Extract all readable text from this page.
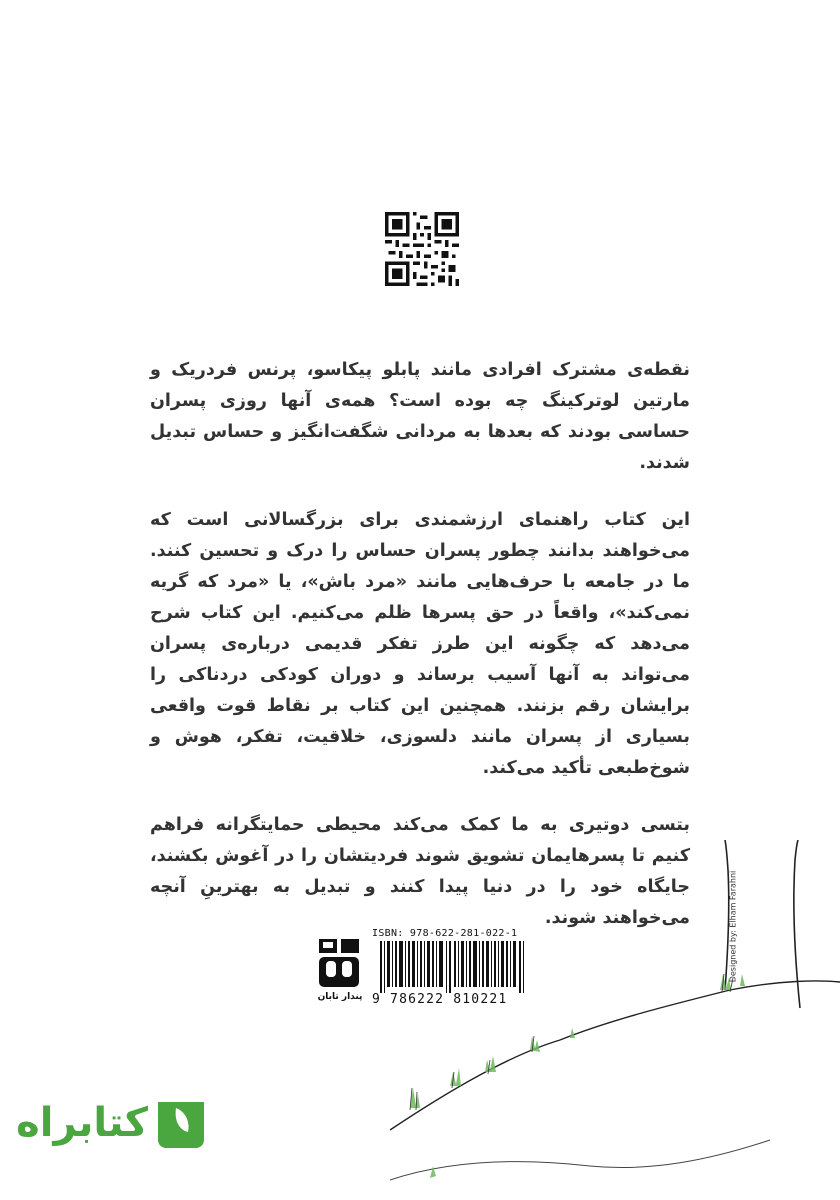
نقطه‌ی مشترک افرادی مانند پابلو پیکاسو، پرنس فردریک و مارتین لوترکینگ چه بوده است؟ همه‌ی آنها روزی پسران حساسی بودند که بعدها به مردانی شگفت‌انگیز و حساس تبدیل شدند.

این کتاب راهنمای ارزشمندی برای بزرگسالانی است که می‌خواهند بدانند چطور پسران حساس را درک و تحسین کنند. ما در جامعه با حرف‌هایی مانند «مرد باش»، یا «مرد که گریه نمی‌کند»، واقعاً در حق پسرها ظلم می‌کنیم. این کتاب شرح می‌دهد که چگونه این طرز تفکر قدیمی درباره‌ی پسران می‌تواند به آنها آسیب برساند و دوران کودکی دردناکی را برایشان رقم بزنند. همچنین این کتاب بر نقاط قوت واقعی بسیاری از پسران مانند دلسوزی، خلاقیت، تفکر، هوش و شوخ‌طبعی تأکید می‌کند.

بتسی دوتیری به ما کمک می‌کند محیطی حمایتگرانه فراهم کنیم تا پسرهایمان تشویق شوند فردیتشان را در آغوش بکشند، جایگاه خود را در دنیا پیدا کنند و تبدیل به بهترینِ آنچه می‌خواهند شوند.

پندار تابان
ISBN: 978-622-281-022-1
9 786222 810221
Designed by: Elham Farahni
کتابراه
